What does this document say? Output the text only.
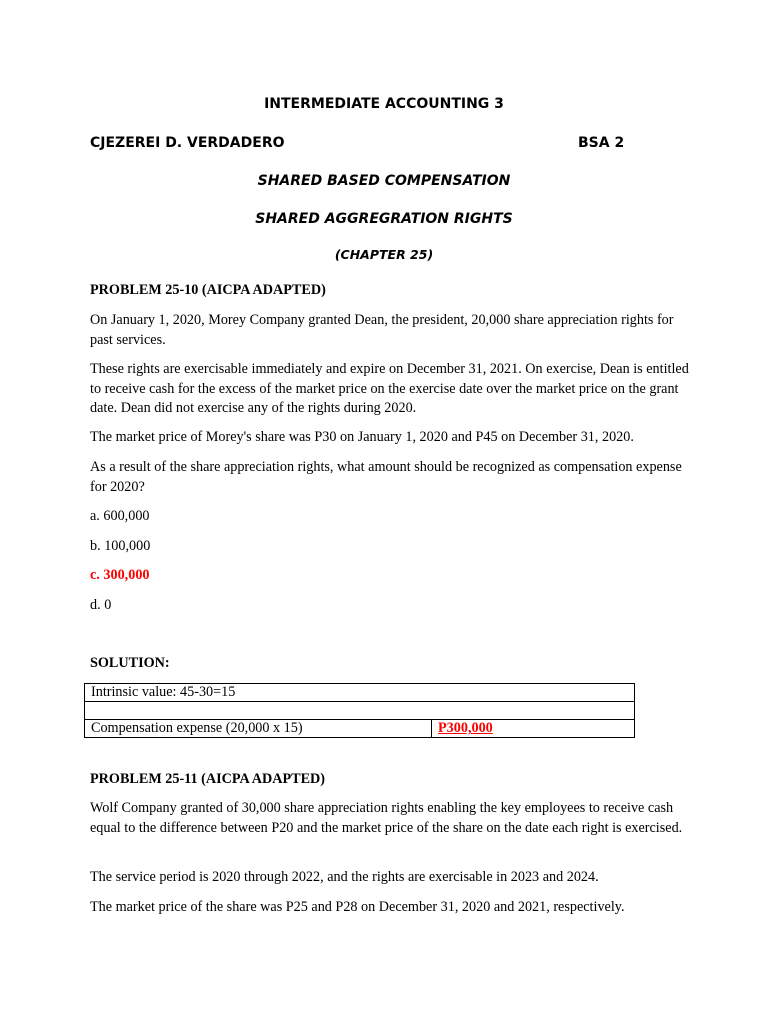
INTERMEDIATE ACCOUNTING 3
CJEZEREI D. VERDADERO	BSA 2
SHARED BASED COMPENSATION
SHARED AGGREGRATION RIGHTS
(CHAPTER 25)
PROBLEM 25-10 (AICPA ADAPTED)
On January 1, 2020, Morey Company granted Dean, the president, 20,000 share appreciation rights for past services.
These rights are exercisable immediately and expire on December 31, 2021. On exercise, Dean is entitled to receive cash for the excess of the market price on the exercise date over the market price on the grant date. Dean did not exercise any of the rights during 2020.
The market price of Morey's share was P30 on January 1, 2020 and P45 on December 31, 2020.
As a result of the share appreciation rights, what amount should be recognized as compensation expense for 2020?
a. 600,000
b. 100,000
c. 300,000
d. 0
SOLUTION:
Intrinsic value: 45-30=15

Compensation expense (20,000 x 15)	P300,000
PROBLEM 25-11 (AICPA ADAPTED)
Wolf Company granted of 30,000 share appreciation rights enabling the key employees to receive cash equal to the difference between P20 and the market price of the share on the date each right is exercised.
The service period is 2020 through 2022, and the rights are exercisable in 2023 and 2024.
The market price of the share was P25 and P28 on December 31, 2020 and 2021, respectively.
